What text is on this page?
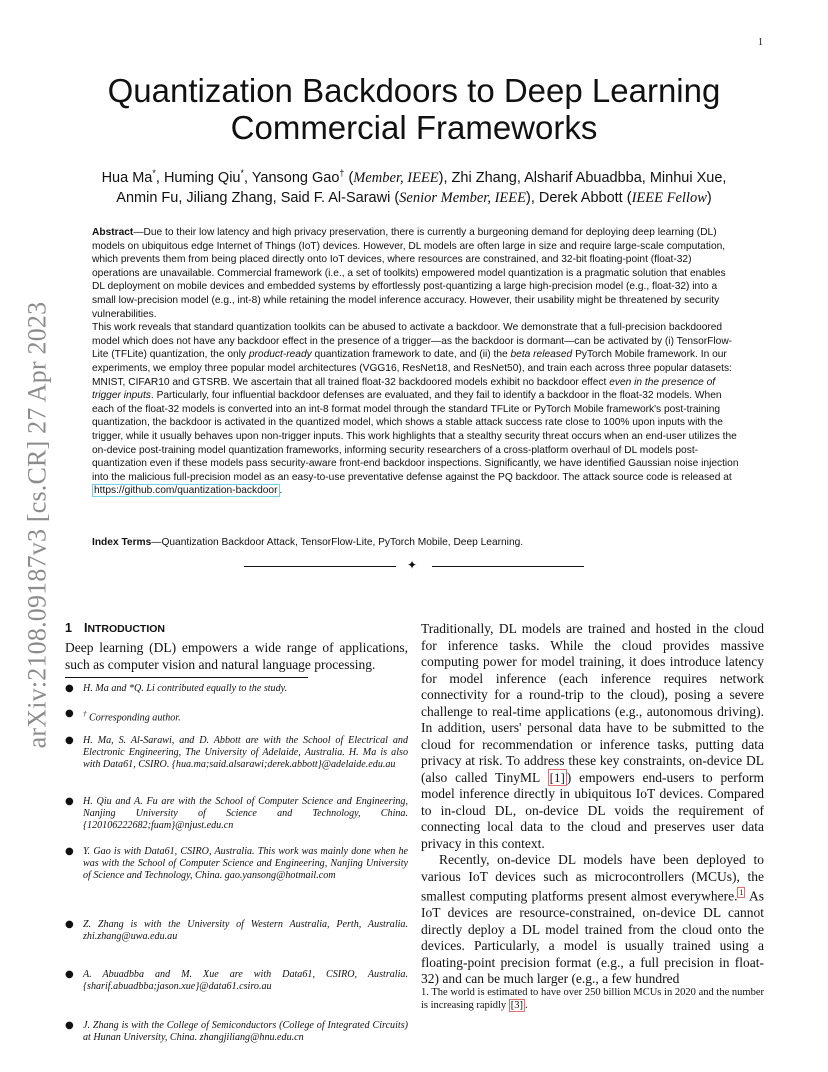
1
arXiv:2108.09187v3 [cs.CR] 27 Apr 2023
Quantization Backdoors to Deep Learning
Commercial Frameworks
Hua Ma*, Huming Qiu*, Yansong Gao† (Member, IEEE), Zhi Zhang, Alsharif Abuadbba, Minhui Xue,
Anmin Fu, Jiliang Zhang, Said F. Al-Sarawi (Senior Member, IEEE), Derek Abbott (IEEE Fellow)

Abstract—Due to their low latency and high privacy preservation, there is currently a burgeoning demand for deploying deep learning (DL) models on ubiquitous edge Internet of Things (IoT) devices. However, DL models are often large in size and require large-scale computation, which prevents them from being placed directly onto IoT devices, where resources are constrained, and 32-bit floating-point (float-32) operations are unavailable. Commercial framework (i.e., a set of toolkits) empowered model quantization is a pragmatic solution that enables DL deployment on mobile devices and embedded systems by effortlessly post-quantizing a large high-precision model (e.g., float-32) into a small low-precision model (e.g., int-8) while retaining the model inference accuracy. However, their usability might be threatened by security vulnerabilities.

This work reveals that standard quantization toolkits can be abused to activate a backdoor. We demonstrate that a full-precision backdoored model which does not have any backdoor effect in the presence of a trigger—as the backdoor is dormant—can be activated by (i) TensorFlow-Lite (TFLite) quantization, the only product-ready quantization framework to date, and (ii) the beta released PyTorch Mobile framework. In our experiments, we employ three popular model architectures (VGG16, ResNet18, and ResNet50), and train each across three popular datasets: MNIST, CIFAR10 and GTSRB. We ascertain that all trained float-32 backdoored models exhibit no backdoor effect even in the presence of trigger inputs. Particularly, four influential backdoor defenses are evaluated, and they fail to identify a backdoor in the float-32 models. When each of the float-32 models is converted into an int-8 format model through the standard TFLite or PyTorch Mobile framework's post-training quantization, the backdoor is activated in the quantized model, which shows a stable attack success rate close to 100% upon inputs with the trigger, while it usually behaves upon non-trigger inputs. This work highlights that a stealthy security threat occurs when an end-user utilizes the on-device post-training model quantization frameworks, informing security researchers of a cross-platform overhaul of DL models post-quantization even if these models pass security-aware front-end backdoor inspections. Significantly, we have identified Gaussian noise injection into the malicious full-precision model as an easy-to-use preventative defense against the PQ backdoor. The attack source code is released at https://github.com/quantization-backdoor .

Index Terms—Quantization Backdoor Attack, TensorFlow-Lite, PyTorch Mobile, Deep Learning.
✦
1 INTRODUCTION

Deep learning (DL) empowers a wide range of applications, such as computer vision and natural language processing.

● H. Ma and *Q. Li contributed equally to the study.
● † Corresponding author.
● H. Ma, S. Al-Sarawi, and D. Abbott are with the School of Electrical and Electronic Engineering, The University of Adelaide, Australia. H. Ma is also with Data61, CSIRO. {hua.ma;said.alsarawi;derek.abbott}@adelaide.edu.au
● H. Qiu and A. Fu are with the School of Computer Science and Engineering, Nanjing University of Science and Technology, China. {120106222682;fuam}@njust.edu.cn
● Y. Gao is with Data61, CSIRO, Australia. This work was mainly done when he was with the School of Computer Science and Engineering, Nanjing University of Science and Technology, China. gao.yansong@hotmail.com
● Z. Zhang is with the University of Western Australia, Perth, Australia. zhi.zhang@uwa.edu.au
● A. Abuadbba and M. Xue are with Data61, CSIRO, Australia. {sharif.abuadbba;jason.xue}@data61.csiro.au
● J. Zhang is with the College of Semiconductors (College of Integrated Circuits) at Hunan University, China. zhangjiliang@hnu.edu.cn

Traditionally, DL models are trained and hosted in the cloud for inference tasks. While the cloud provides massive computing power for model training, it does introduce latency for model inference (each inference requires network connectivity for a round-trip to the cloud), posing a severe challenge to real-time applications (e.g., autonomous driving). In addition, users' personal data have to be submitted to the cloud for recommendation or inference tasks, putting data privacy at risk. To address these key constraints, on-device DL (also called TinyML [1] ) empowers end-users to perform model inference directly in ubiquitous IoT devices. Compared to in-cloud DL, on-device DL voids the requirement of connecting local data to the cloud and preserves user data privacy in this context.

Recently, on-device DL models have been deployed to various IoT devices such as microcontrollers (MCUs), the smallest computing platforms present almost everywhere. $^1$ As IoT devices are resource-constrained, on-device DL cannot directly deploy a DL model trained from the cloud onto the devices. Particularly, a model is usually trained using a floating-point precision format (e.g., a full precision in float-32) and can be much larger (e.g., a few hundred

1. The world is estimated to have over 250 billion MCUs in 2020 and the number is increasing rapidly [3] .
